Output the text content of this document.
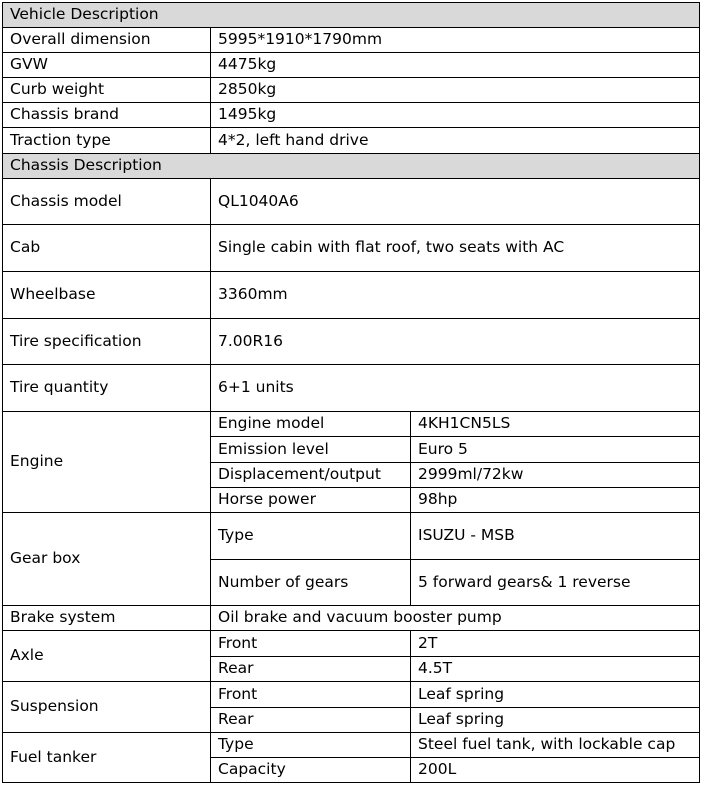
Vehicle Description		
Overall dimension	5995*1910*1790mm	
GVW	4475kg	
Curb weight	2850kg	
Chassis brand	1495kg	
Traction type	4*2, left hand drive	
Chassis Description		
Chassis model	QL1040A6	
Cab	Single cabin with flat roof, two seats with AC	
Wheelbase	3360mm	
Tire specification	7.00R16	
Tire quantity	6+1 units	
Engine	Engine model	4KH1CN5LS
	Emission level	Euro 5
	Displacement/output	2999ml/72kw
	Horse power	98hp
Gear box	Type	ISUZU - MSB
	Number of gears	5 forward gears& 1 reverse
Brake system	Oil brake and vacuum booster pump	
Axle	Front	2T
	Rear	4.5T
Suspension	Front	Leaf spring
	Rear	Leaf spring
Fuel tanker	Type	Steel fuel tank, with lockable cap
	Capacity	200L
